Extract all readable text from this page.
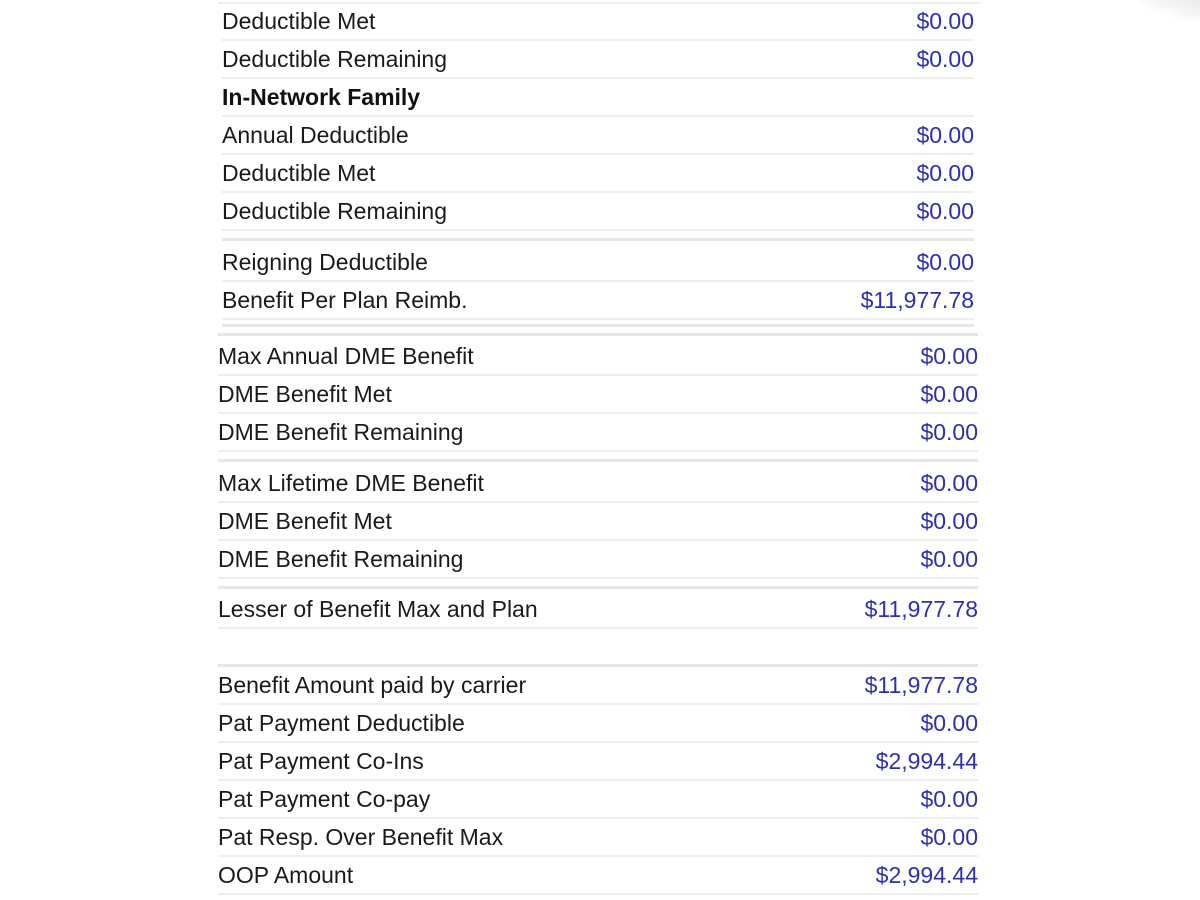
Deductible Met	$0.00
Deductible Remaining	$0.00
In-Network Family
Annual Deductible	$0.00
Deductible Met	$0.00
Deductible Remaining	$0.00
Reigning Deductible	$0.00
Benefit Per Plan Reimb.	$11,977.78
Max Annual DME Benefit	$0.00
DME Benefit Met	$0.00
DME Benefit Remaining	$0.00
Max Lifetime DME Benefit	$0.00
DME Benefit Met	$0.00
DME Benefit Remaining	$0.00
Lesser of Benefit Max and Plan	$11,977.78
Benefit Amount paid by carrier	$11,977.78
Pat Payment Deductible	$0.00
Pat Payment Co-Ins	$2,994.44
Pat Payment Co-pay	$0.00
Pat Resp. Over Benefit Max	$0.00
OOP Amount	$2,994.44
